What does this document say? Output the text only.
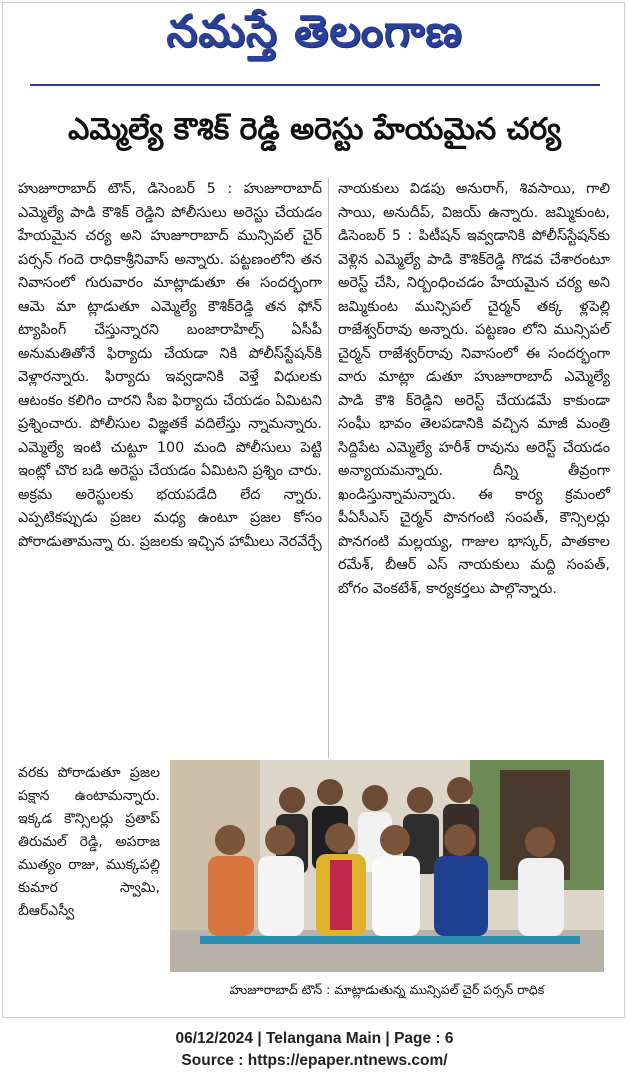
నమస్తే తెలంగాణ
ఎమ్మెల్యే కౌశిక్ రెడ్డి అరెస్టు హేయమైన చర్య

హుజూరాబాద్ టౌన్, డిసెంబర్ 5 : హుజూరాబాద్ ఎమ్మెల్యే పాడి కౌశిక్ రెడ్డిని పోలీసులు అరెస్టు చేయడం హేయమైన చర్య అని హుజూరాబాద్ మున్సిపల్ చైర్ పర్సన్ గందె రాధికాశ్రీనివాస్ అన్నారు. పట్టణంలోని తన నివాసంలో గురువారం మాట్లాడుతూ ఈ సందర్భంగా ఆమె మా ట్లాడుతూ ఎమ్మెల్యే కౌశిక్‌రెడ్డి తన ఫోన్ ట్యాపింగ్ చేస్తున్నారని బంజారాహిల్స్ ఏసీపీ అనుమతితోనే ఫిర్యాదు చేయడా నికి పోలీస్‌స్టేషన్‌కి వెళ్లారన్నారు. ఫిర్యాదు ఇవ్వడానికి వెళ్తే విధులకు ఆటంకం కలిగిం చారని సీఐ ఫిర్యాదు చేయడం ఏమిటని ప్రశ్నించారు. పోలీసుల విజ్ఞతకే వదిలేస్తు న్నామన్నారు. ఎమ్మెల్యే ఇంటి చుట్టూ 100 మంది పోలీసులు పెట్టి ఇంట్లో చొర బడి అరెస్టు చేయడం ఏమిటని ప్రశ్నిం చారు. అక్రమ అరెస్టులకు భయపడేది లేద న్నారు. ఎప్పటికప్పుడు ప్రజల మధ్య ఉంటూ ప్రజల కోసం పోరాడుతామన్నా రు. ప్రజలకు ఇచ్చిన హామీలు నెరవేర్చే

నాయకులు విడపు అనురాగ్, శివసాయి, గాలి సాయి, అనుదీప్, విజయ్ ఉన్నారు. జమ్మికుంట, డిసెంబర్ 5 : పిటీషన్ ఇవ్వడానికి పోలీస్‌స్టేషన్‌కు వెళ్లిన ఎమ్మెల్యే పాడి కౌశిక్‌రెడ్డి గొడవ చేశారంటూ అరెస్ట్ చేసి, నిర్బంధించడం హేయమైన చర్య అని జమ్మికుంట మున్సిపల్ చైర్మన్ తక్క ళ్లపెల్లి రాజేశ్వర్‌రావు అన్నారు. పట్టణం లోని మున్సిపల్ చైర్మన్ రాజేశ్వర్‌రావు నివాసంలో ఈ సందర్భంగా వారు మాట్లా డుతూ హుజూరాబాద్ ఎమ్మెల్యే పాడి కౌశి క్‌రెడ్డిని అరెస్ట్ చేయడమే కాకుండా సంఘీ భావం తెలపడానికి వచ్చిన మాజీ మంత్రి సిద్దిపేట ఎమ్మెల్యే హరీశ్ రావును అరెస్ట్ చేయడం అన్యాయమన్నారు. దీన్ని తీవ్రంగా ఖండిస్తున్నామన్నారు. ఈ కార్య క్రమంలో పీఏసీఎస్ చైర్మన్ పొనగంటి సంపత్, కౌన్సిలర్లు పొనగంటి మల్లయ్య, గాజుల భాస్కర్, పాతకాల రమేశ్, బీఆర్ ఎస్ నాయకులు మద్ది సంపత్, బోగం వెంకటేశ్, కార్యకర్తలు పాల్గొన్నారు.

వరకు పోరాడుతూ ప్రజల పక్షాన ఉంటామన్నారు. ఇక్కడ కౌన్సిలర్లు ప్రతాప్ తిరుమల్ రెడ్డి, అపరాజ ముత్యం రాజు, ముక్కపల్లి కుమార స్వామి, బీఆర్ఎస్వీ

హుజూరాబాద్ టౌన్ : మాట్లాడుతున్న మున్సిపల్ చైర్ పర్సన్ రాధిక
06/12/2024 | Telangana Main | Page : 6
Source : https://epaper.ntnews.com/
